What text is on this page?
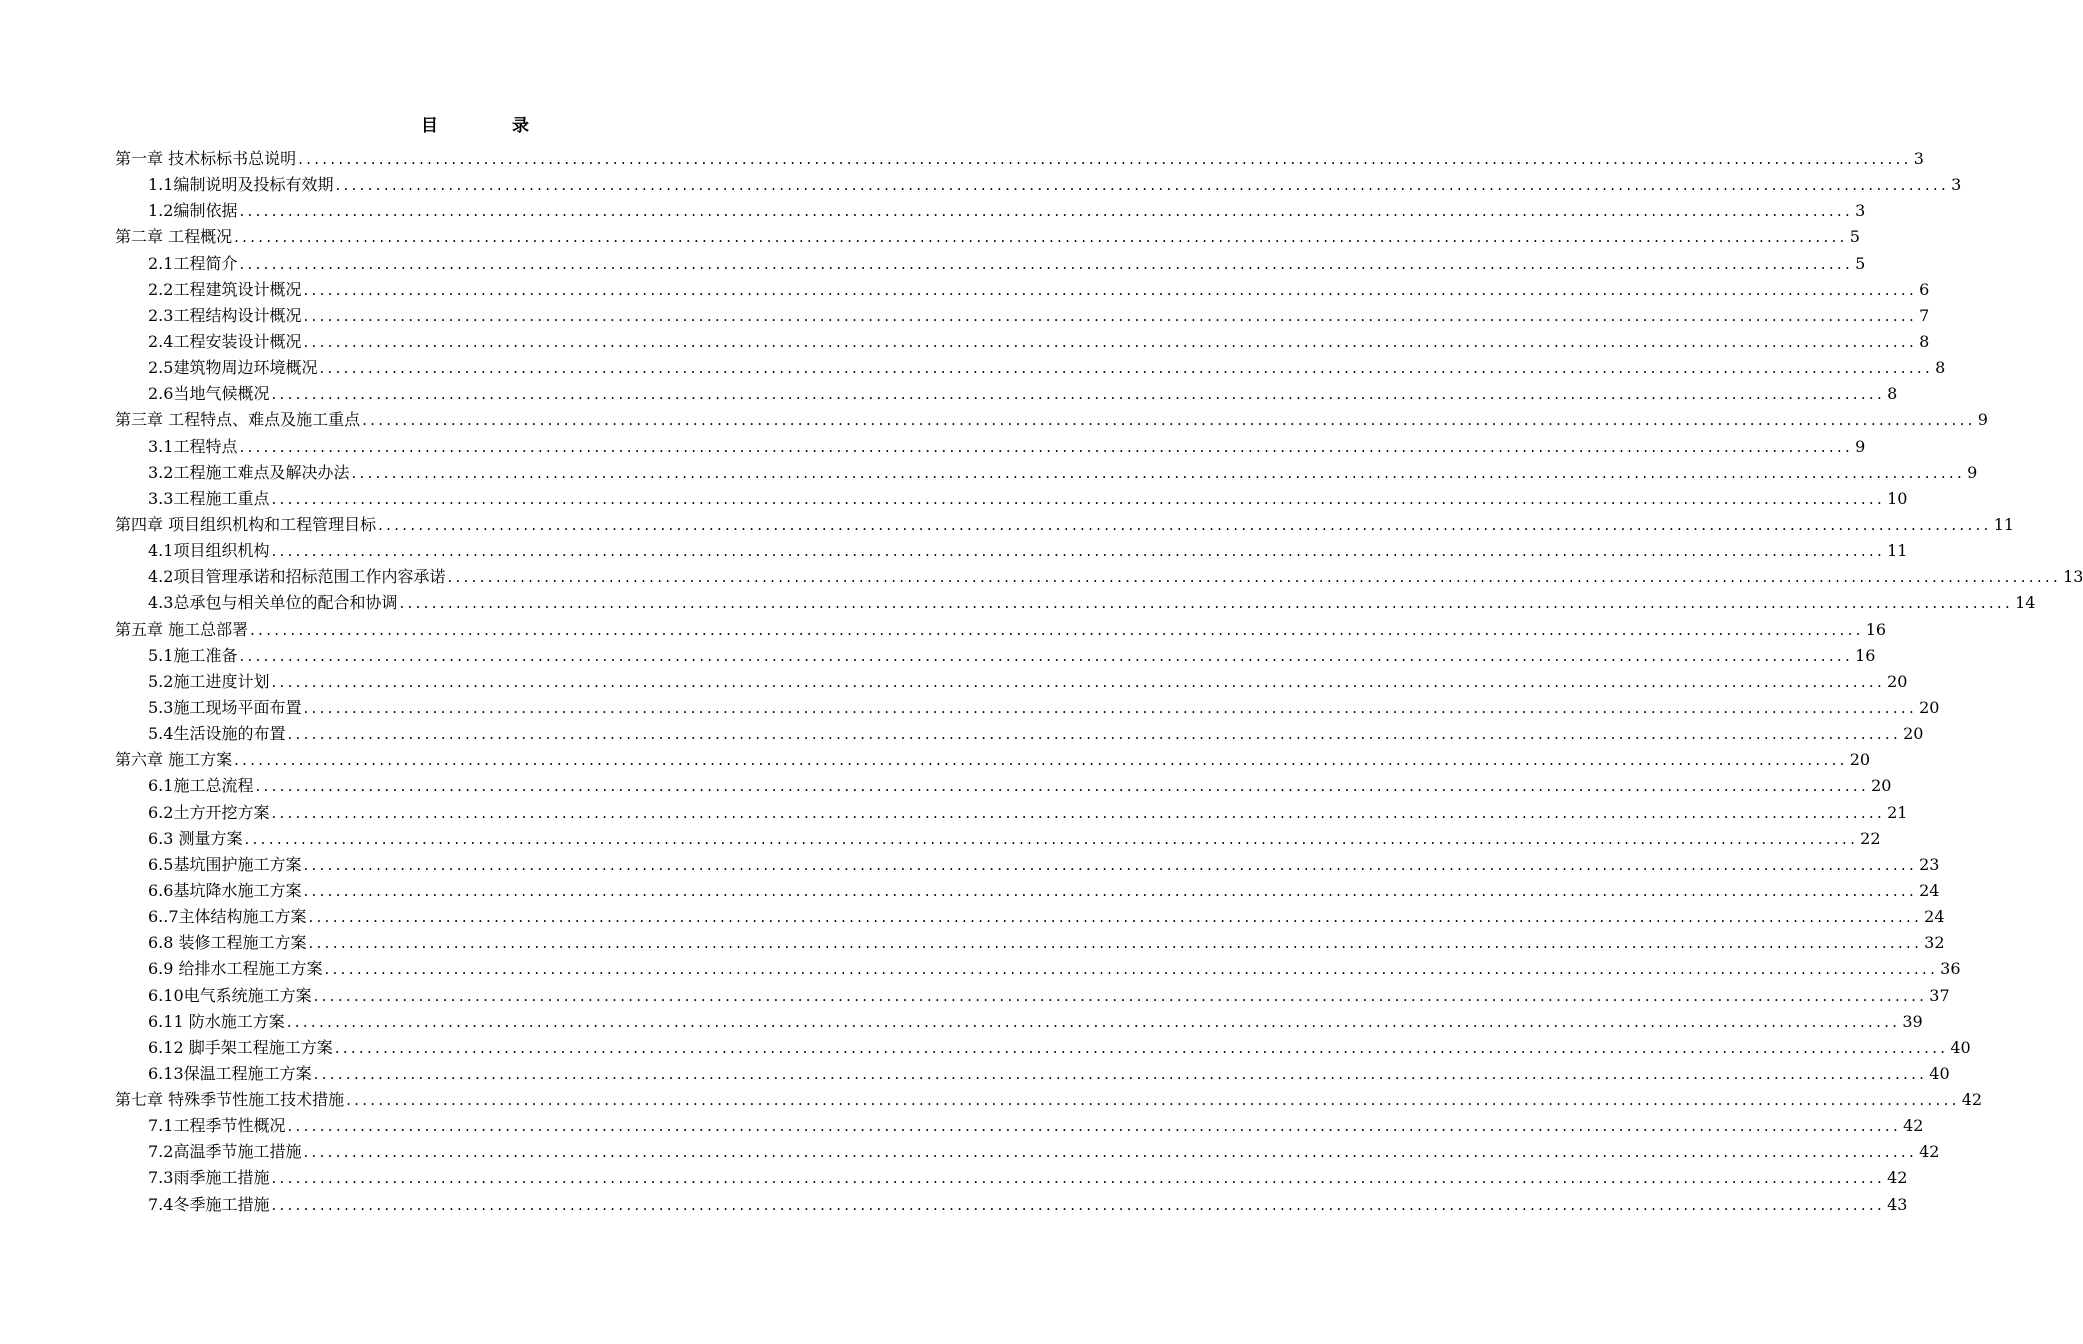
目 录
第一章 技术标标书总说明 ........................................................................................................................................................................................................ 3
1.1编制说明及投标有效期 ........................................................................................................................................................................................................ 3
1.2编制依据 ........................................................................................................................................................................................................ 3
第二章 工程概况 ........................................................................................................................................................................................................ 5
2.1工程简介 ........................................................................................................................................................................................................ 5
2.2工程建筑设计概况 ........................................................................................................................................................................................................ 6
2.3工程结构设计概况 ........................................................................................................................................................................................................ 7
2.4工程安装设计概况 ........................................................................................................................................................................................................ 8
2.5建筑物周边环境概况 ........................................................................................................................................................................................................ 8
2.6当地气候概况 ........................................................................................................................................................................................................ 8
第三章 工程特点、难点及施工重点 ........................................................................................................................................................................................................ 9
3.1工程特点 ........................................................................................................................................................................................................ 9
3.2工程施工难点及解决办法 ........................................................................................................................................................................................................ 9
3.3工程施工重点 ........................................................................................................................................................................................................ 10
第四章 项目组织机构和工程管理目标 ........................................................................................................................................................................................................ 11
4.1项目组织机构 ........................................................................................................................................................................................................ 11
4.2项目管理承诺和招标范围工作内容承诺 ........................................................................................................................................................................................................ 13
4.3总承包与相关单位的配合和协调 ........................................................................................................................................................................................................ 14
第五章 施工总部署 ........................................................................................................................................................................................................ 16
5.1施工准备 ........................................................................................................................................................................................................ 16
5.2施工进度计划 ........................................................................................................................................................................................................ 20
5.3施工现场平面布置 ........................................................................................................................................................................................................ 20
5.4生活设施的布置 ........................................................................................................................................................................................................ 20
第六章 施工方案 ........................................................................................................................................................................................................ 20
6.1施工总流程 ........................................................................................................................................................................................................ 20
6.2土方开挖方案 ........................................................................................................................................................................................................ 21
6.3 测量方案 ........................................................................................................................................................................................................ 22
6.5基坑围护施工方案 ........................................................................................................................................................................................................ 23
6.6基坑降水施工方案 ........................................................................................................................................................................................................ 24
6..7主体结构施工方案 ........................................................................................................................................................................................................ 24
6.8 装修工程施工方案 ........................................................................................................................................................................................................ 32
6.9 给排水工程施工方案 ........................................................................................................................................................................................................ 36
6.10电气系统施工方案 ........................................................................................................................................................................................................ 37
6.11 防水施工方案 ........................................................................................................................................................................................................ 39
6.12 脚手架工程施工方案 ........................................................................................................................................................................................................ 40
6.13保温工程施工方案 ........................................................................................................................................................................................................ 40
第七章 特殊季节性施工技术措施 ........................................................................................................................................................................................................ 42
7.1工程季节性概况 ........................................................................................................................................................................................................ 42
7.2高温季节施工措施 ........................................................................................................................................................................................................ 42
7.3雨季施工措施 ........................................................................................................................................................................................................ 42
7.4冬季施工措施 ........................................................................................................................................................................................................ 43
